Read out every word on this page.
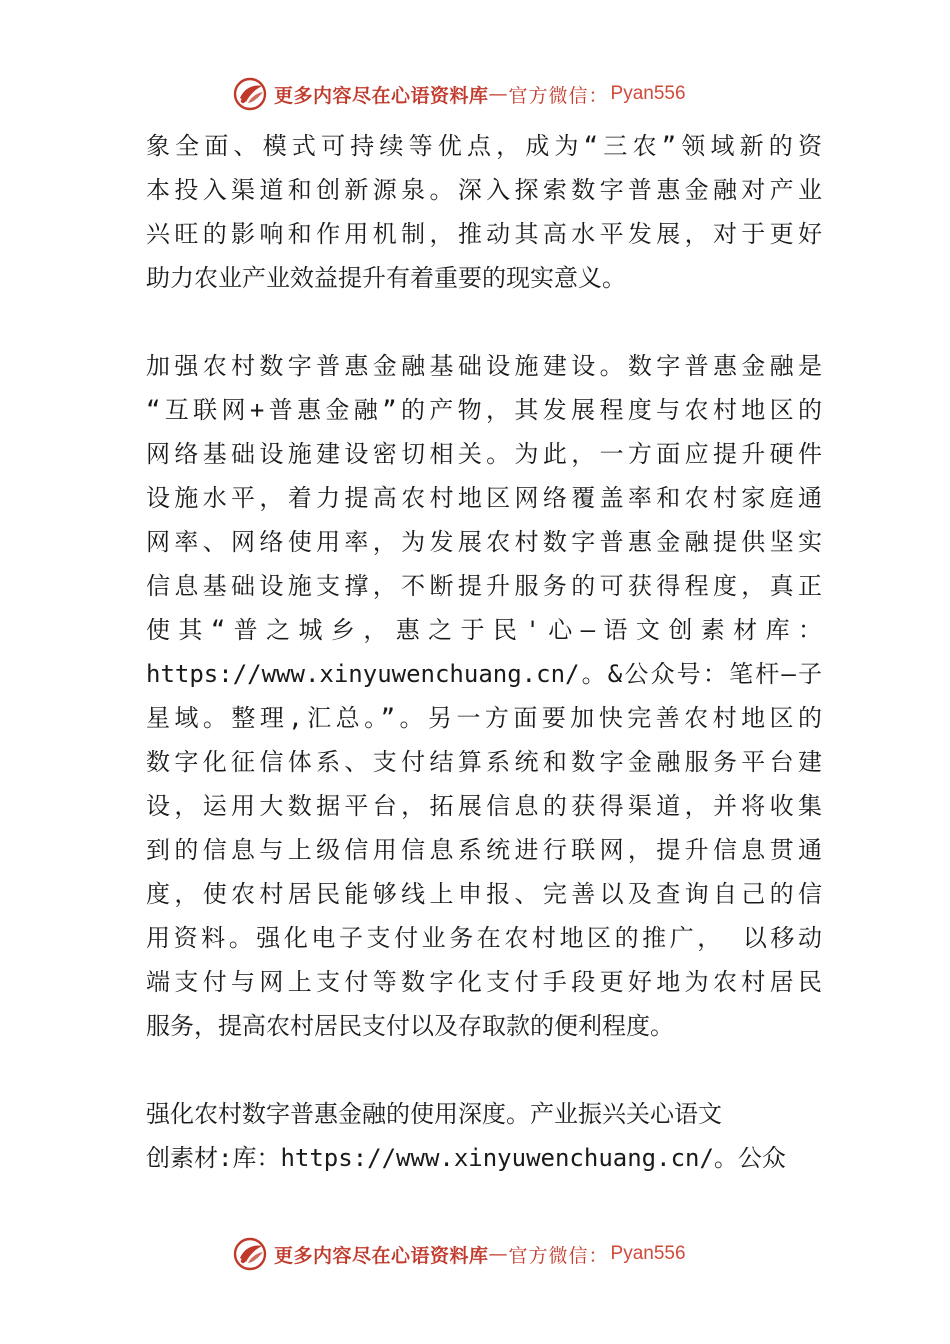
更多内容尽在心语资料库 — 官方微信： Pyan556
象全面、模式可持续等优点，成为“三农”领域新的资
本投入渠道和创新源泉。深入探索数字普惠金融对产业
兴旺的影响和作用机制，推动其高水平发展，对于更好
助力农业产业效益提升有着重要的现实意义。
加强农村数字普惠金融基础设施建设。数字普惠金融是
“互联网+普惠金融”的产物，其发展程度与农村地区的
网络基础设施建设密切相关。为此，一方面应提升硬件
设施水平，着力提高农村地区网络覆盖率和农村家庭通
网率、网络使用率，为发展农村数字普惠金融提供坚实
信息基础设施支撑，不断提升服务的可获得程度，真正
使其“普之城乡，惠之于民'心—语文创素材库：
https://www.xinyuwenchuang.cn/。&公众号：笔杆—子
星域。整理,汇总。”。另一方面要加快完善农村地区的
数字化征信体系、支付结算系统和数字金融服务平台建
设，运用大数据平台，拓展信息的获得渠道，并将收集
到的信息与上级信用信息系统进行联网，提升信息贯通
度，使农村居民能够线上申报、完善以及查询自己的信
用资料。强化电子支付业务在农村地区的推广， 以移动
端支付与网上支付等数字化支付手段更好地为农村居民
服务，提高农村居民支付以及存取款的便利程度。
强化农村数字普惠金融的使用深度。产业振兴关心语文
创素材:库：https://www.xinyuwenchuang.cn/。公众
更多内容尽在心语资料库 — 官方微信： Pyan556
